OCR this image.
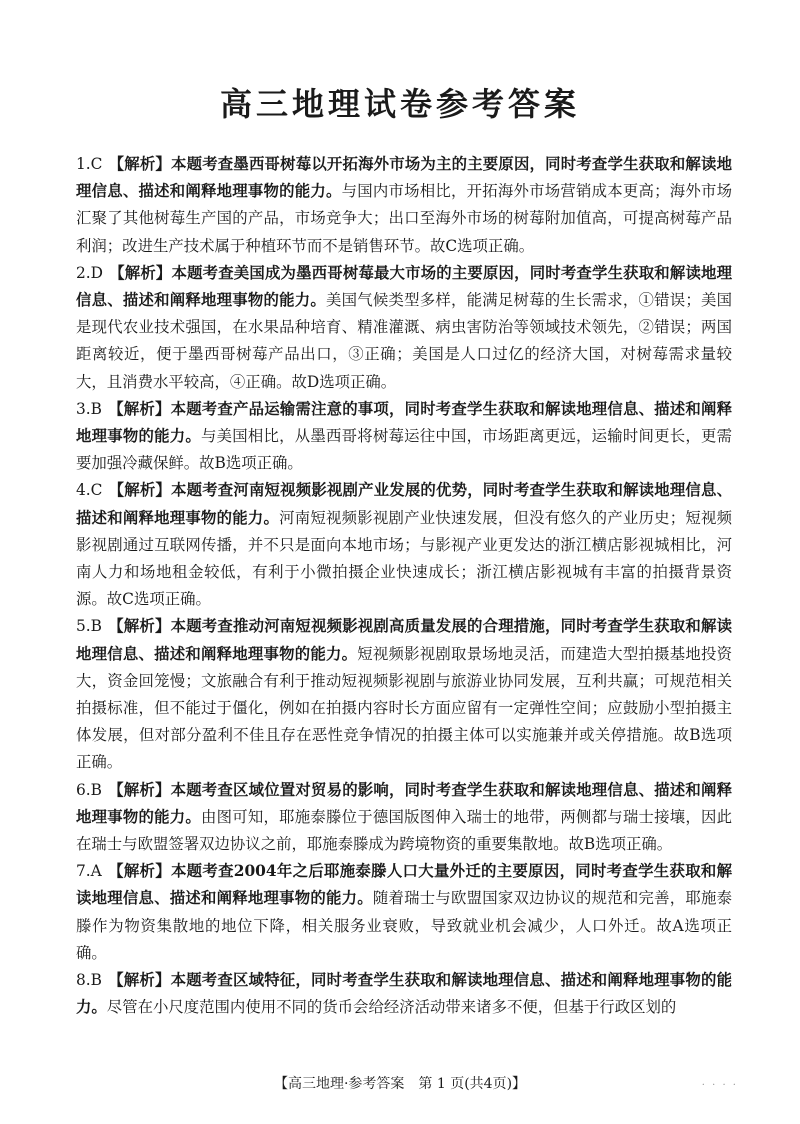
高三地理试卷参考答案

1.C 【解析】本题考查墨西哥树莓以开拓海外市场为主的主要原因，同时考查学生获取和解读地理信息、描述和阐释地理事物的能力。与国内市场相比，开拓海外市场营销成本更高；海外市场汇聚了其他树莓生产国的产品，市场竞争大；出口至海外市场的树莓附加值高，可提高树莓产品利润；改进生产技术属于种植环节而不是销售环节。故C选项正确。

2.D 【解析】本题考查美国成为墨西哥树莓最大市场的主要原因，同时考查学生获取和解读地理信息、描述和阐释地理事物的能力。美国气候类型多样，能满足树莓的生长需求，①错误；美国是现代农业技术强国，在水果品种培育、精准灌溉、病虫害防治等领域技术领先，②错误；两国距离较近，便于墨西哥树莓产品出口，③正确；美国是人口过亿的经济大国，对树莓需求量较大，且消费水平较高，④正确。故D选项正确。

3.B 【解析】本题考查产品运输需注意的事项，同时考查学生获取和解读地理信息、描述和阐释地理事物的能力。与美国相比，从墨西哥将树莓运往中国，市场距离更远，运输时间更长，更需要加强冷藏保鲜。故B选项正确。

4.C 【解析】本题考查河南短视频影视剧产业发展的优势，同时考查学生获取和解读地理信息、描述和阐释地理事物的能力。河南短视频影视剧产业快速发展，但没有悠久的产业历史；短视频影视剧通过互联网传播，并不只是面向本地市场；与影视产业更发达的浙江横店影视城相比，河南人力和场地租金较低，有利于小微拍摄企业快速成长；浙江横店影视城有丰富的拍摄背景资源。故C选项正确。

5.B 【解析】本题考查推动河南短视频影视剧高质量发展的合理措施，同时考查学生获取和解读地理信息、描述和阐释地理事物的能力。短视频影视剧取景场地灵活，而建造大型拍摄基地投资大，资金回笼慢；文旅融合有利于推动短视频影视剧与旅游业协同发展，互利共赢；可规范相关拍摄标准，但不能过于僵化，例如在拍摄内容时长方面应留有一定弹性空间；应鼓励小型拍摄主体发展，但对部分盈利不佳且存在恶性竞争情况的拍摄主体可以实施兼并或关停措施。故B选项正确。

6.B 【解析】本题考查区域位置对贸易的影响，同时考查学生获取和解读地理信息、描述和阐释地理事物的能力。由图可知，耶施泰滕位于德国版图伸入瑞士的地带，两侧都与瑞士接壤，因此在瑞士与欧盟签署双边协议之前，耶施泰滕成为跨境物资的重要集散地。故B选项正确。

7.A 【解析】本题考查2004年之后耶施泰滕人口大量外迁的主要原因，同时考查学生获取和解读地理信息、描述和阐释地理事物的能力。随着瑞士与欧盟国家双边协议的规范和完善，耶施泰滕作为物资集散地的地位下降，相关服务业衰败，导致就业机会减少，人口外迁。故A选项正确。

8.B 【解析】本题考查区域特征，同时考查学生获取和解读地理信息、描述和阐释地理事物的能力。尽管在小尺度范围内使用不同的货币会给经济活动带来诸多不便，但基于行政区划的

【高三地理·参考答案　第 1 页(共4页)】	· · · ·
